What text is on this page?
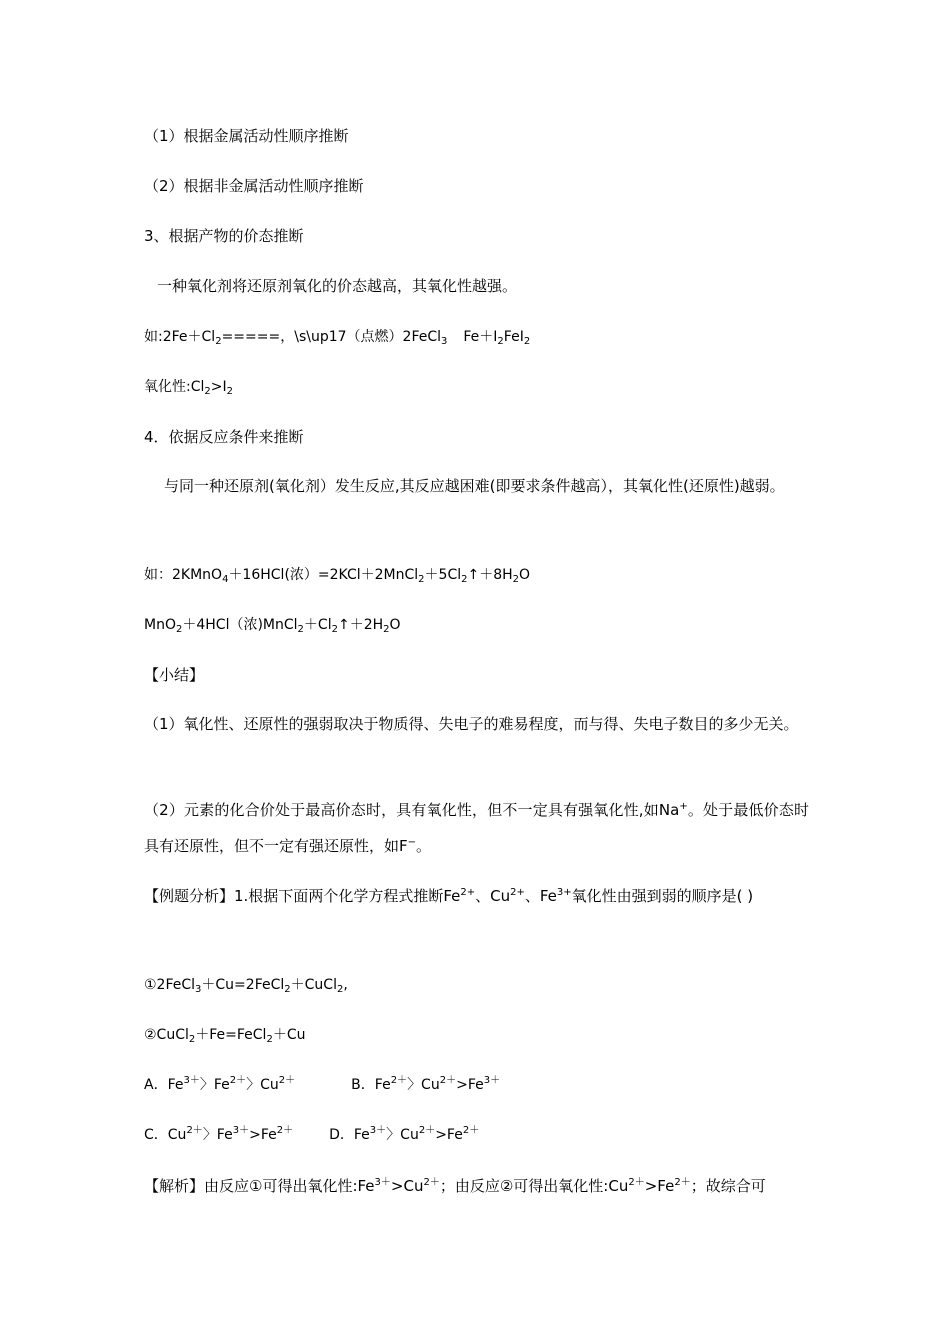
（1）根据金属活动性顺序推断
（2）根据非金属活动性顺序推断
3、根据产物的价态推断
一种氧化剂将还原剂氧化的价态越高，其氧化性越强。
如$:2Fe+Cl_2=====$，\s\up17（点燃）2FeCl$_3$ $Fe+I_2FeI_2$
氧化性$:Cl_2>I_2$
4．依据反应条件来推断
与同一种还原剂(氧化剂）发生反应,其反应越困难(即要求条件越高），其氧化性(还原性)越弱。
如：2KMnO$_4$＋16HCl(浓）$=2KCl+2MnCl_2+5Cl_2↑+8H_2O$
MnO$_2$＋4HCl（浓)$MnCl_2+Cl_2↑+2H_2O$
【小结】
（1）氧化性、还原性的强弱取决于物质得、失电子的难易程度，而与得、失电子数目的多少无关。
（2）元素的化合价处于最高价态时，具有氧化性，但不一定具有强氧化性,如Na+。处于最低价态时具有还原性，但不一定有强还原性，如F−。
【例题分析】1.根据下面两个化学方程式推断$Fe^{2+}$、$Cu^{2+}$、$Fe^{3+}$氧化性由强到弱的顺序是( )
①2FeCl$_3$＋Cu=2FeCl$_2$＋CuCl$_2$,
②CuCl$_2$＋Fe=FeCl$_2$＋Cu
A．$Fe^{3+}$〉$Fe^{2+}$〉$Cu^{2+}$	B．$Fe^{2+}$〉$Cu^{2+}>Fe^{3+}$
C．$Cu^{2+}$〉$Fe^{3+}>Fe^{2+}$	D．$Fe^{3+}$〉$Cu^{2+}>Fe^{2+}$
【解析】由反应①可得出氧化性$:Fe^{3+}>Cu^{2+}$；由反应②可得出氧化性$:Cu^{2+}>Fe^{2+}$；故综合可
